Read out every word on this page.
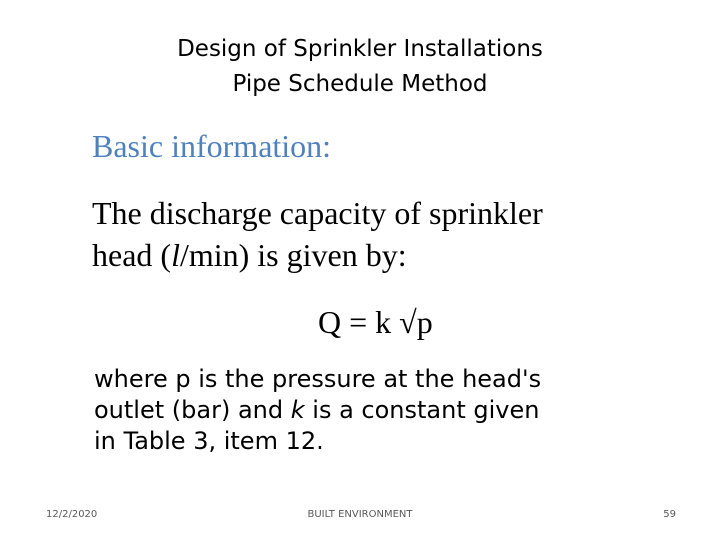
Design of Sprinkler Installations
Pipe Schedule Method
Basic information:
The discharge capacity of sprinkler
head (l/min) is given by:
Q = k √p
where p is the pressure at the head's
outlet (bar) and k is a constant given
in Table 3, item 12.
12/2/2020	BUILT ENVIRONMENT	59
